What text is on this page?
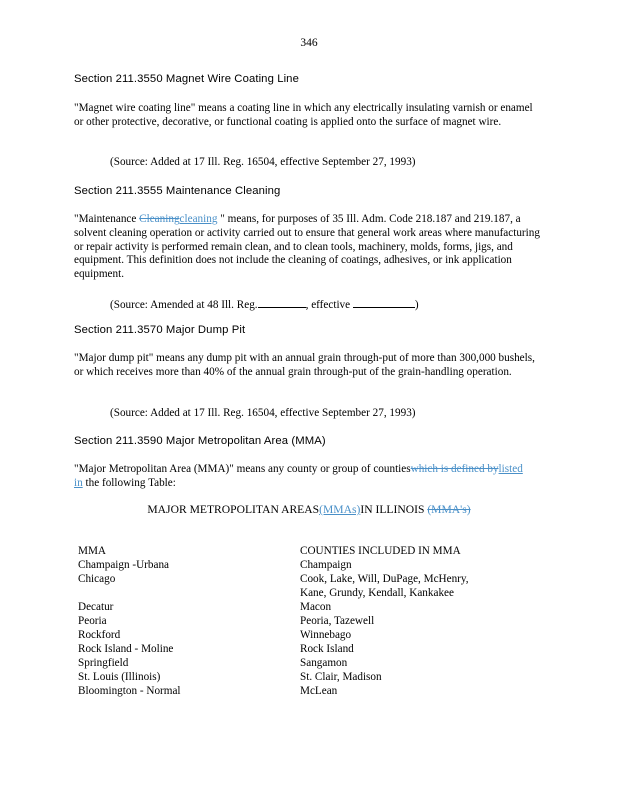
346
Section 211.3550 Magnet Wire Coating Line
"Magnet wire coating line" means a coating line in which any electrically insulating varnish or enamel or other protective, decorative, or functional coating is applied onto the surface of magnet wire.
(Source: Added at 17 Ill. Reg. 16504, effective September 27, 1993)
Section 211.3555 Maintenance Cleaning
"Maintenance Cleaningcleaning " means, for purposes of 35 Ill. Adm. Code 218.187 and 219.187, a solvent cleaning operation or activity carried out to ensure that general work areas where manufacturing or repair activity is performed remain clean, and to clean tools, machinery, molds, forms, jigs, and equipment. This definition does not include the cleaning of coatings, adhesives, or ink application equipment.
(Source: Amended at 48 Ill. Reg.	, effective	)
Section 211.3570 Major Dump Pit
"Major dump pit" means any dump pit with an annual grain through-put of more than 300,000 bushels, or which receives more than 40% of the annual grain through-put of the grain-handling operation.
(Source: Added at 17 Ill. Reg. 16504, effective September 27, 1993)
Section 211.3590 Major Metropolitan Area (MMA)
"Major Metropolitan Area (MMA)" means any county or group of countieswhich is defined bylisted in the following Table:
MAJOR METROPOLITAN AREAS(MMAs)IN ILLINOIS (MMA's)
MMA	COUNTIES INCLUDED IN MMA
Champaign -Urbana	Champaign
Chicago	Cook, Lake, Will, DuPage, McHenry,
Kane, Grundy, Kendall, Kankakee
Decatur	Macon
Peoria	Peoria, Tazewell
Rockford	Winnebago
Rock Island - Moline	Rock Island
Springfield	Sangamon
St. Louis (Illinois)	St. Clair, Madison
Bloomington - Normal	McLean
